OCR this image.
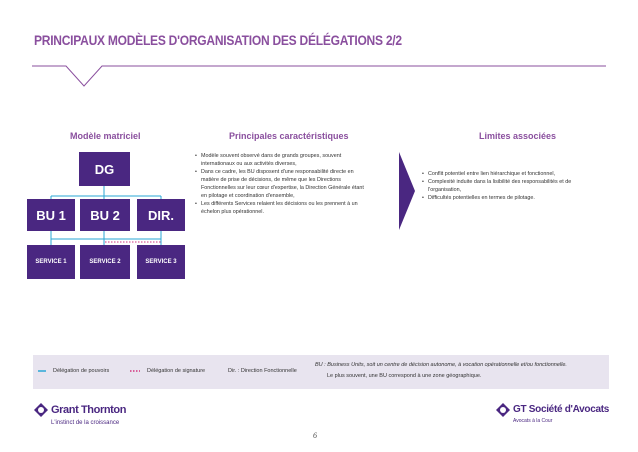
PRINCIPAUX MODÈLES D'ORGANISATION DES DÉLÉGATIONS 2/2
Modèle matriciel	Principales caractéristiques	Limites associées
DG
BU 1	BU 2	DIR.
SERVICE 1	SERVICE 2	SERVICE 3
• Modèle souvent observé dans de grands groupes, souvent internationaux ou aux activités diverses,
• Dans ce cadre, les BU disposent d'une responsabilité directe en matière de prise de décisions, de même que les Directions Fonctionnelles sur leur cœur d'expertise, la Direction Générale étant en pilotage et coordination d'ensemble,
• Les différents Services relaient les décisions ou les prennent à un échelon plus opérationnel.
• Conflit potentiel entre lien hiérarchique et fonctionnel,
• Complexité induite dans la lisibilité des responsabilités et de l'organisation,
• Difficultés potentielles en termes de pilotage.
Délégation de pouvoirs	Délégation de signature	Dir. : Direction Fonctionnelle
BU : Business Units, soit un centre de décision autonome, à vocation opérationnelle et/ou fonctionnelle.
Le plus souvent, une BU correspond à une zone géographique.
Grant Thornton
L'instinct de la croissance
GT Société d'Avocats
Avocats à la Cour
6
